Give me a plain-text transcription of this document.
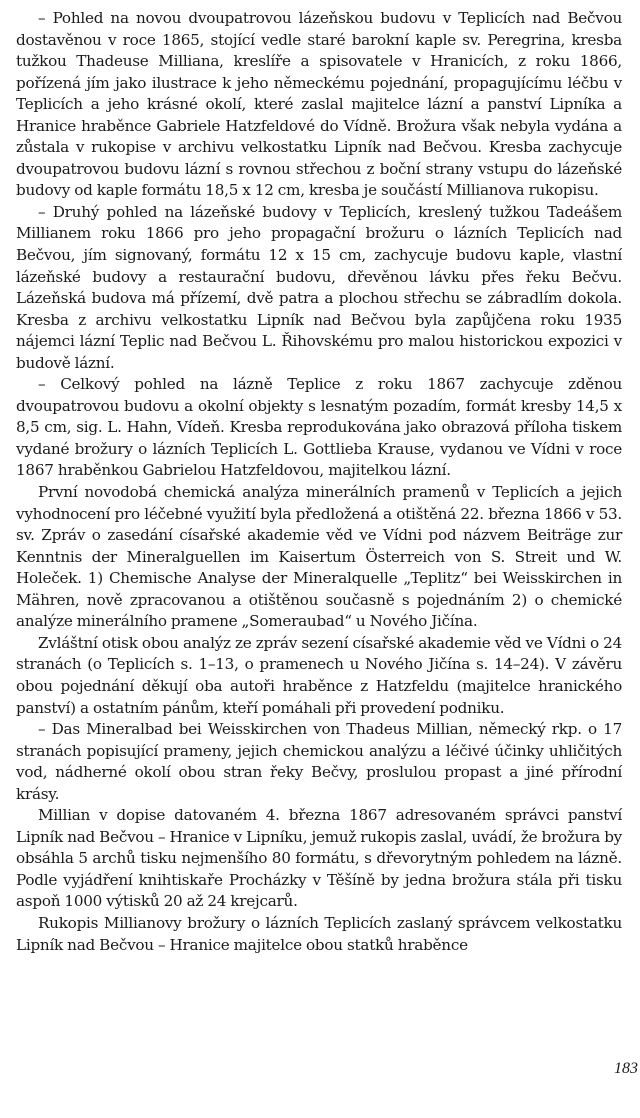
– Pohled na novou dvoupatrovou lázeňskou budovu v Teplicích nad Bečvou dostavěnou v roce 1865, stojící vedle staré barokní kaple sv. Peregrina, kresba tužkou Thadeuse Milliana, kreslíře a spisovatele v Hranicích, z roku 1866, pořízená jím jako ilustrace k jeho německému pojednání, propagujícímu léčbu v Teplicích a jeho krásné okolí, které zaslal majitelce lázní a panství Lipníka a Hranice hraběnce Gabriele Hatzfeldové do Vídně. Brožura však nebyla vydána a zůstala v rukopise v archivu velkostatku Lipník nad Bečvou. Kresba zachycuje dvoupatrovou budovu lázní s rovnou střechou z boční strany vstupu do lázeňské budovy od kaple formátu 18,5 x 12 cm, kresba je součástí Millianova rukopisu.

– Druhý pohled na lázeňské budovy v Teplicích, kreslený tužkou Tadeášem Millianem roku 1866 pro jeho propagační brožuru o lázních Teplicích nad Bečvou, jím signovaný, formátu 12 x 15 cm, zachycuje budovu kaple, vlastní lázeňské budovy a restaurační budovu, dřevěnou lávku přes řeku Bečvu. Lázeňská budova má přízemí, dvě patra a plochou střechu se zábradlím dokola. Kresba z archivu velkostatku Lipník nad Bečvou byla zapůjčena roku 1935 nájemci lázní Teplic nad Bečvou L. Řihovskému pro malou historickou expozici v budově lázní.

– Celkový pohled na lázně Teplice z roku 1867 zachycuje zděnou dvoupatrovou budovu a okolní objekty s lesnatým pozadím, formát kresby 14,5 x 8,5 cm, sig. L. Hahn, Vídeň. Kresba reprodukována jako obrazová příloha tiskem vydané brožury o lázních Teplicích L. Gottlieba Krause, vydanou ve Vídni v roce 1867 hraběnkou Gabrielou Hatzfeldovou, majitelkou lázní.

První novodobá chemická analýza minerálních pramenů v Teplicích a jejich vyhodnocení pro léčebné využití byla předložená a otištěná 22. března 1866 v 53. sv. Zpráv o zasedání císařské akademie věd ve Vídni pod názvem Beiträge zur Kenntnis der Mineralguellen im Kaisertum Österreich von S. Streit und W. Holeček. 1) Chemische Analyse der Mineralquelle „Teplitz“ bei Weisskirchen in Mähren, nově zpracovanou a otištěnou současně s pojednáním 2) o chemické analýze minerálního pramene „Someraubad“ u Nového Jičína.

Zvláštní otisk obou analýz ze zpráv sezení císařské akademie věd ve Vídni o 24 stranách (o Teplicích s. 1–13, o pramenech u Nového Jičína s. 14–24). V závěru obou pojednání děkují oba autoři hraběnce z Hatzfeldu (majitelce hranického panství) a ostatním pánům, kteří pomáhali při provedení podniku.

– Das Mineralbad bei Weisskirchen von Thadeus Millian, německý rkp. o 17 stranách popisující prameny, jejich chemickou analýzu a léčivé účinky uhličitých vod, nádherné okolí obou stran řeky Bečvy, proslulou propast a jiné přírodní krásy.

Millian v dopise datovaném 4. března 1867 adresovaném správci panství Lipník nad Bečvou – Hranice v Lipníku, jemuž rukopis zaslal, uvádí, že brožura by obsáhla 5 archů tisku nejmenšího 80 formátu, s dřevorytným pohledem na lázně. Podle vyjádření knihtiskaře Procházky v Těšíně by jedna brožura stála při tisku aspoň 1000 výtisků 20 až 24 krejcarů.

Rukopis Millianovy brožury o lázních Teplicích zaslaný správcem velkostatku Lipník nad Bečvou – Hranice majitelce obou statků hraběnce

183
